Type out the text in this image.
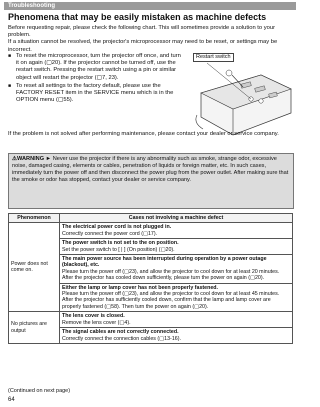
Troubleshooting
Phenomena that may be easily mistaken as machine defects
Before requesting repair, please check the following chart. This will sometimes provide a solution to your problem.
If a situation cannot be resolved, the projector's microprocessor may need to be reset, or settings may be incorrect.
■ To reset the microprocessor, turn the projector off once, and turn it on again (▢20). If the projector cannot be turned off, use the restart switch. Pressing the restart switch using a pin or similar object will restart the projector (▢7, 23).
■ To reset all settings to the factory default, please use the FACTORY RESET item in the SERVICE menu which is in the OPTION menu (▢55).
Restart switch
If the problem is not solved after performing maintenance, please contact your dealer or service company.
⚠WARNING ► Never use the projector if there is any abnormality such as smoke, strange odor, excessive noise, damaged casing, elements or cables, penetration of liquids or foreign matter, etc. In such cases, immediately turn the power off and then disconnect the power plug from the power outlet. After making sure that the smoke or odor has stopped, contact your dealer or service company.
Phenomenon	Cases not involving a machine defect
Power does not come on.	The electrical power cord is not plugged in.
Correctly connect the power cord (▢17).

	The power switch is not set to the on position.
Set the power switch to [ | ] (On position) (▢20).

	The main power source has been interrupted during operation by a power outage (blackout), etc.
Please turn the power off (▢23), and allow the projector to cool down for at least 20 minutes. After the projector has cooled down sufficiently, please turn the power on again (▢20).

	Either the lamp or lamp cover has not been properly fastened.
Please turn the power off (▢23), and allow the projector to cool down for at least 45 minutes. After the projector has sufficiently cooled down, confirm that the lamp and lamp cover are properly fastened (▢58). Then turn the power on again (▢20).
No pictures are output	The lens cover is closed.
Remove the lens cover (▢4).

	The signal cables are not correctly connected.
Correctly connect the connection cables (▢13-16).
(Continued on next page)
64
